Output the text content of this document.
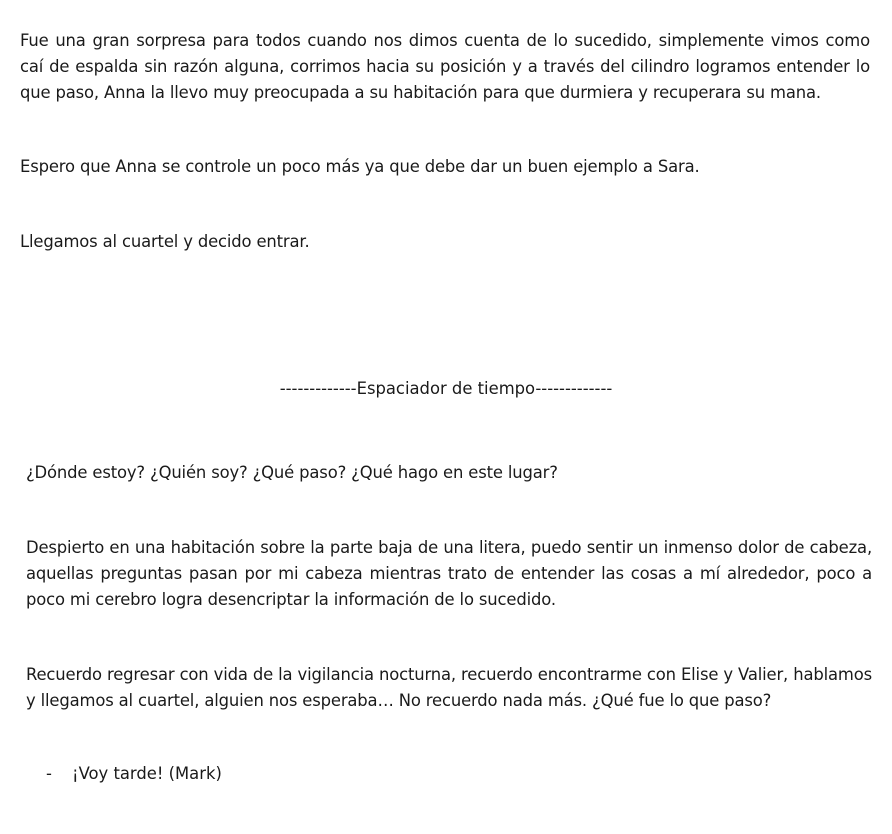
Fue una gran sorpresa para todos cuando nos dimos cuenta de lo sucedido, simplemente vimos como caí de espalda sin razón alguna, corrimos hacia su posición y a través del cilindro logramos entender lo que paso, Anna la llevo muy preocupada a su habitación para que durmiera y recuperara su mana.

Espero que Anna se controle un poco más ya que debe dar un buen ejemplo a Sara.

Llegamos al cuartel y decido entrar.

-------------Espaciador de tiempo-------------

¿Dónde estoy? ¿Quién soy? ¿Qué paso? ¿Qué hago en este lugar?

Despierto en una habitación sobre la parte baja de una litera, puedo sentir un inmenso dolor de cabeza, aquellas preguntas pasan por mi cabeza mientras trato de entender las cosas a mí alrededor, poco a poco mi cerebro logra desencriptar la información de lo sucedido.

Recuerdo regresar con vida de la vigilancia nocturna, recuerdo encontrarme con Elise y Valier, hablamos y llegamos al cuartel, alguien nos esperaba… No recuerdo nada más. ¿Qué fue lo que paso?

- ¡Voy tarde! (Mark)
